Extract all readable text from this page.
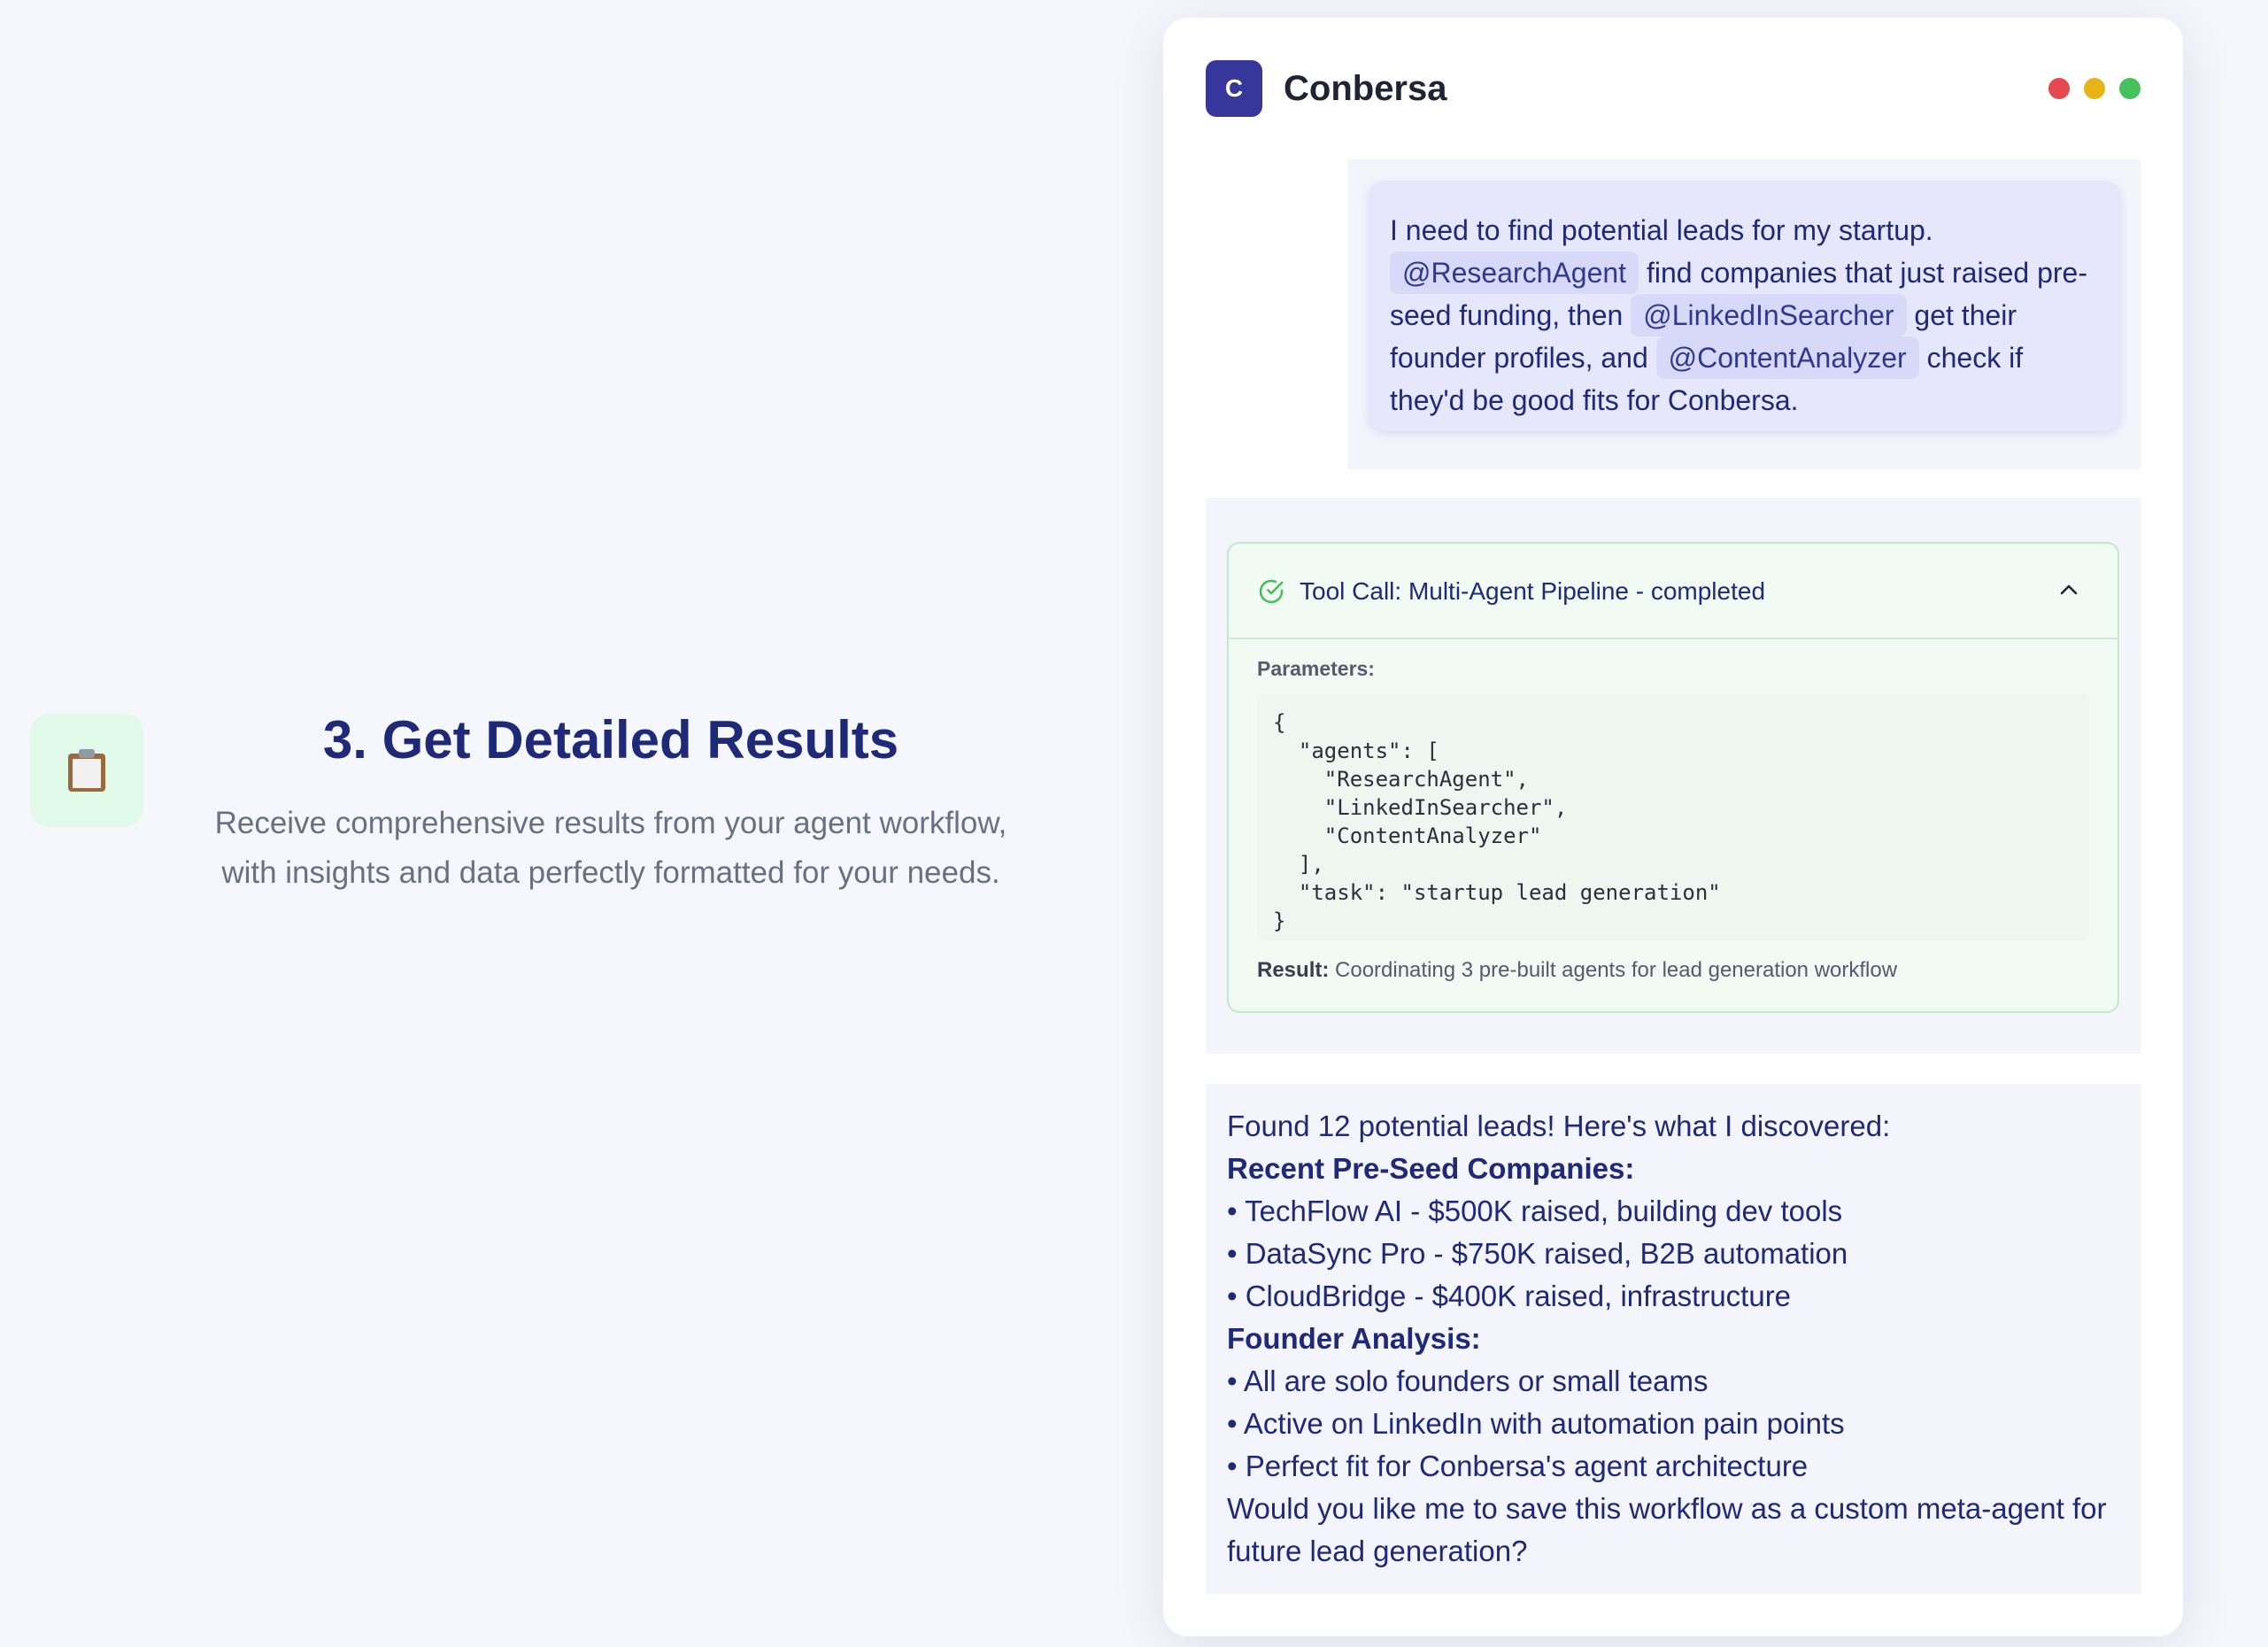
3. Get Detailed Results

Receive comprehensive results from your agent workflow,
with insights and data perfectly formatted for your needs.

C	Conbersa
I need to find potential leads for my startup. @ResearchAgent find companies that just raised pre-seed funding, then @LinkedInSearcher get their founder profiles, and @ContentAnalyzer check if they'd be good fits for Conbersa.
Tool Call: Multi-Agent Pipeline - completed
Parameters:
{
"agents": [
"ResearchAgent",
"LinkedInSearcher",
"ContentAnalyzer"
],
"task": "startup lead generation"
}
Result: Coordinating 3 pre-built agents for lead generation workflow
Found 12 potential leads! Here's what I discovered:
Recent Pre-Seed Companies:
• TechFlow AI - $500K raised, building dev tools
• DataSync Pro - $750K raised, B2B automation
• CloudBridge - $400K raised, infrastructure
Founder Analysis:
• All are solo founders or small teams
• Active on LinkedIn with automation pain points
• Perfect fit for Conbersa's agent architecture
Would you like me to save this workflow as a custom meta-agent for future lead generation?
